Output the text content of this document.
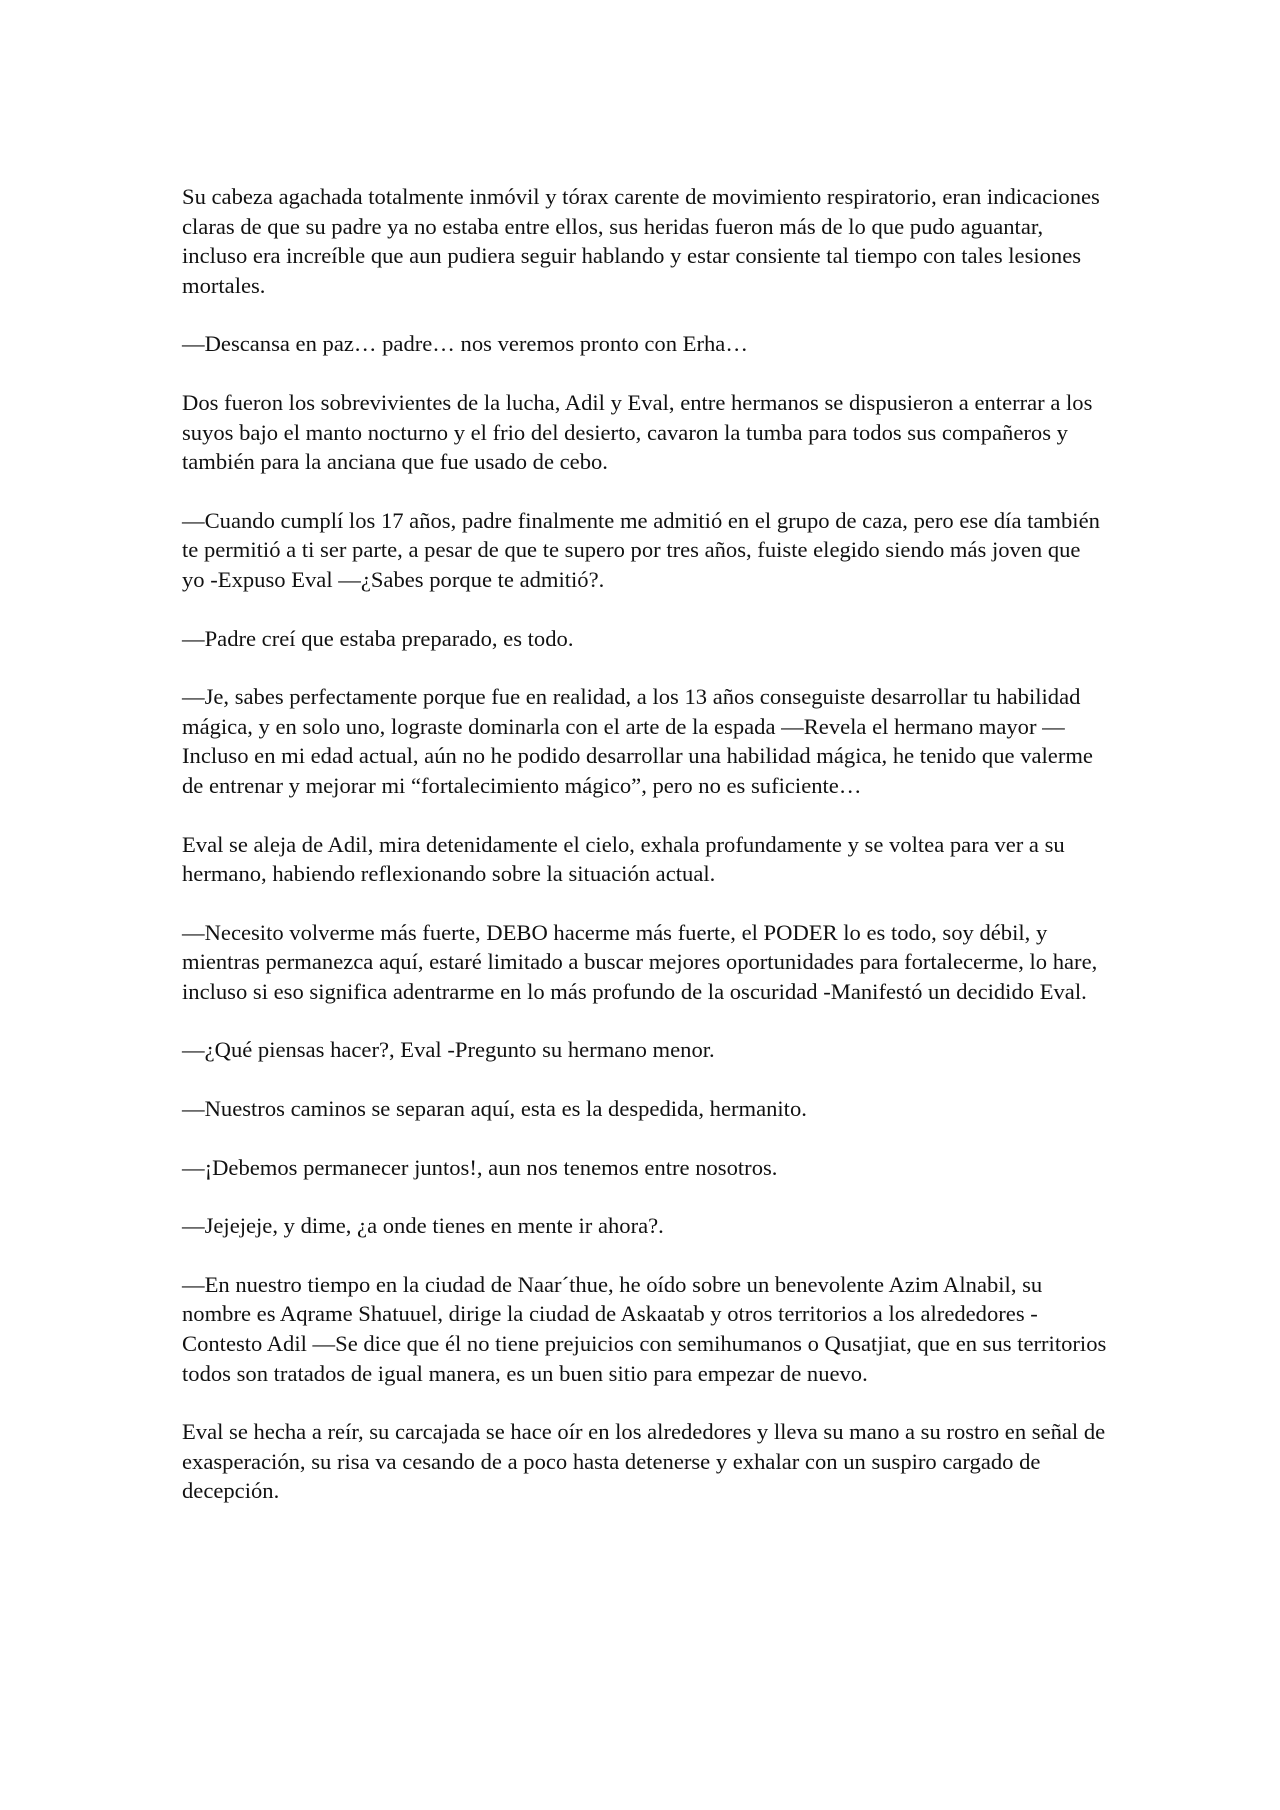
Su cabeza agachada totalmente inmóvil y tórax carente de movimiento respiratorio, eran indicaciones claras de que su padre ya no estaba entre ellos, sus heridas fueron más de lo que pudo aguantar, incluso era increíble que aun pudiera seguir hablando y estar consiente tal tiempo con tales lesiones mortales.

—Descansa en paz… padre… nos veremos pronto con Erha…

Dos fueron los sobrevivientes de la lucha, Adil y Eval, entre hermanos se dispusieron a enterrar a los suyos bajo el manto nocturno y el frio del desierto, cavaron la tumba para todos sus compañeros y también para la anciana que fue usado de cebo.

—Cuando cumplí los 17 años, padre finalmente me admitió en el grupo de caza, pero ese día también te permitió a ti ser parte, a pesar de que te supero por tres años, fuiste elegido siendo más joven que yo -Expuso Eval —¿Sabes porque te admitió?.

—Padre creí que estaba preparado, es todo.

—Je, sabes perfectamente porque fue en realidad, a los 13 años conseguiste desarrollar tu habilidad mágica, y en solo uno, lograste dominarla con el arte de la espada —Revela el hermano mayor —Incluso en mi edad actual, aún no he podido desarrollar una habilidad mágica, he tenido que valerme de entrenar y mejorar mi “fortalecimiento mágico”, pero no es suficiente…

Eval se aleja de Adil, mira detenidamente el cielo, exhala profundamente y se voltea para ver a su hermano, habiendo reflexionando sobre la situación actual.

—Necesito volverme más fuerte, DEBO hacerme más fuerte, el PODER lo es todo, soy débil, y mientras permanezca aquí, estaré limitado a buscar mejores oportunidades para fortalecerme, lo hare, incluso si eso significa adentrarme en lo más profundo de la oscuridad -Manifestó un decidido Eval.

—¿Qué piensas hacer?, Eval -Pregunto su hermano menor.

—Nuestros caminos se separan aquí, esta es la despedida, hermanito.

—¡Debemos permanecer juntos!, aun nos tenemos entre nosotros.

—Jejejeje, y dime, ¿a onde tienes en mente ir ahora?.

—En nuestro tiempo en la ciudad de Naar´thue, he oído sobre un benevolente Azim Alnabil, su nombre es Aqrame Shatuuel, dirige la ciudad de Askaatab y otros territorios a los alrededores -Contesto Adil —Se dice que él no tiene prejuicios con semihumanos o Qusatjiat, que en sus territorios todos son tratados de igual manera, es un buen sitio para empezar de nuevo.

Eval se hecha a reír, su carcajada se hace oír en los alrededores y lleva su mano a su rostro en señal de exasperación, su risa va cesando de a poco hasta detenerse y exhalar con un suspiro cargado de decepción.
